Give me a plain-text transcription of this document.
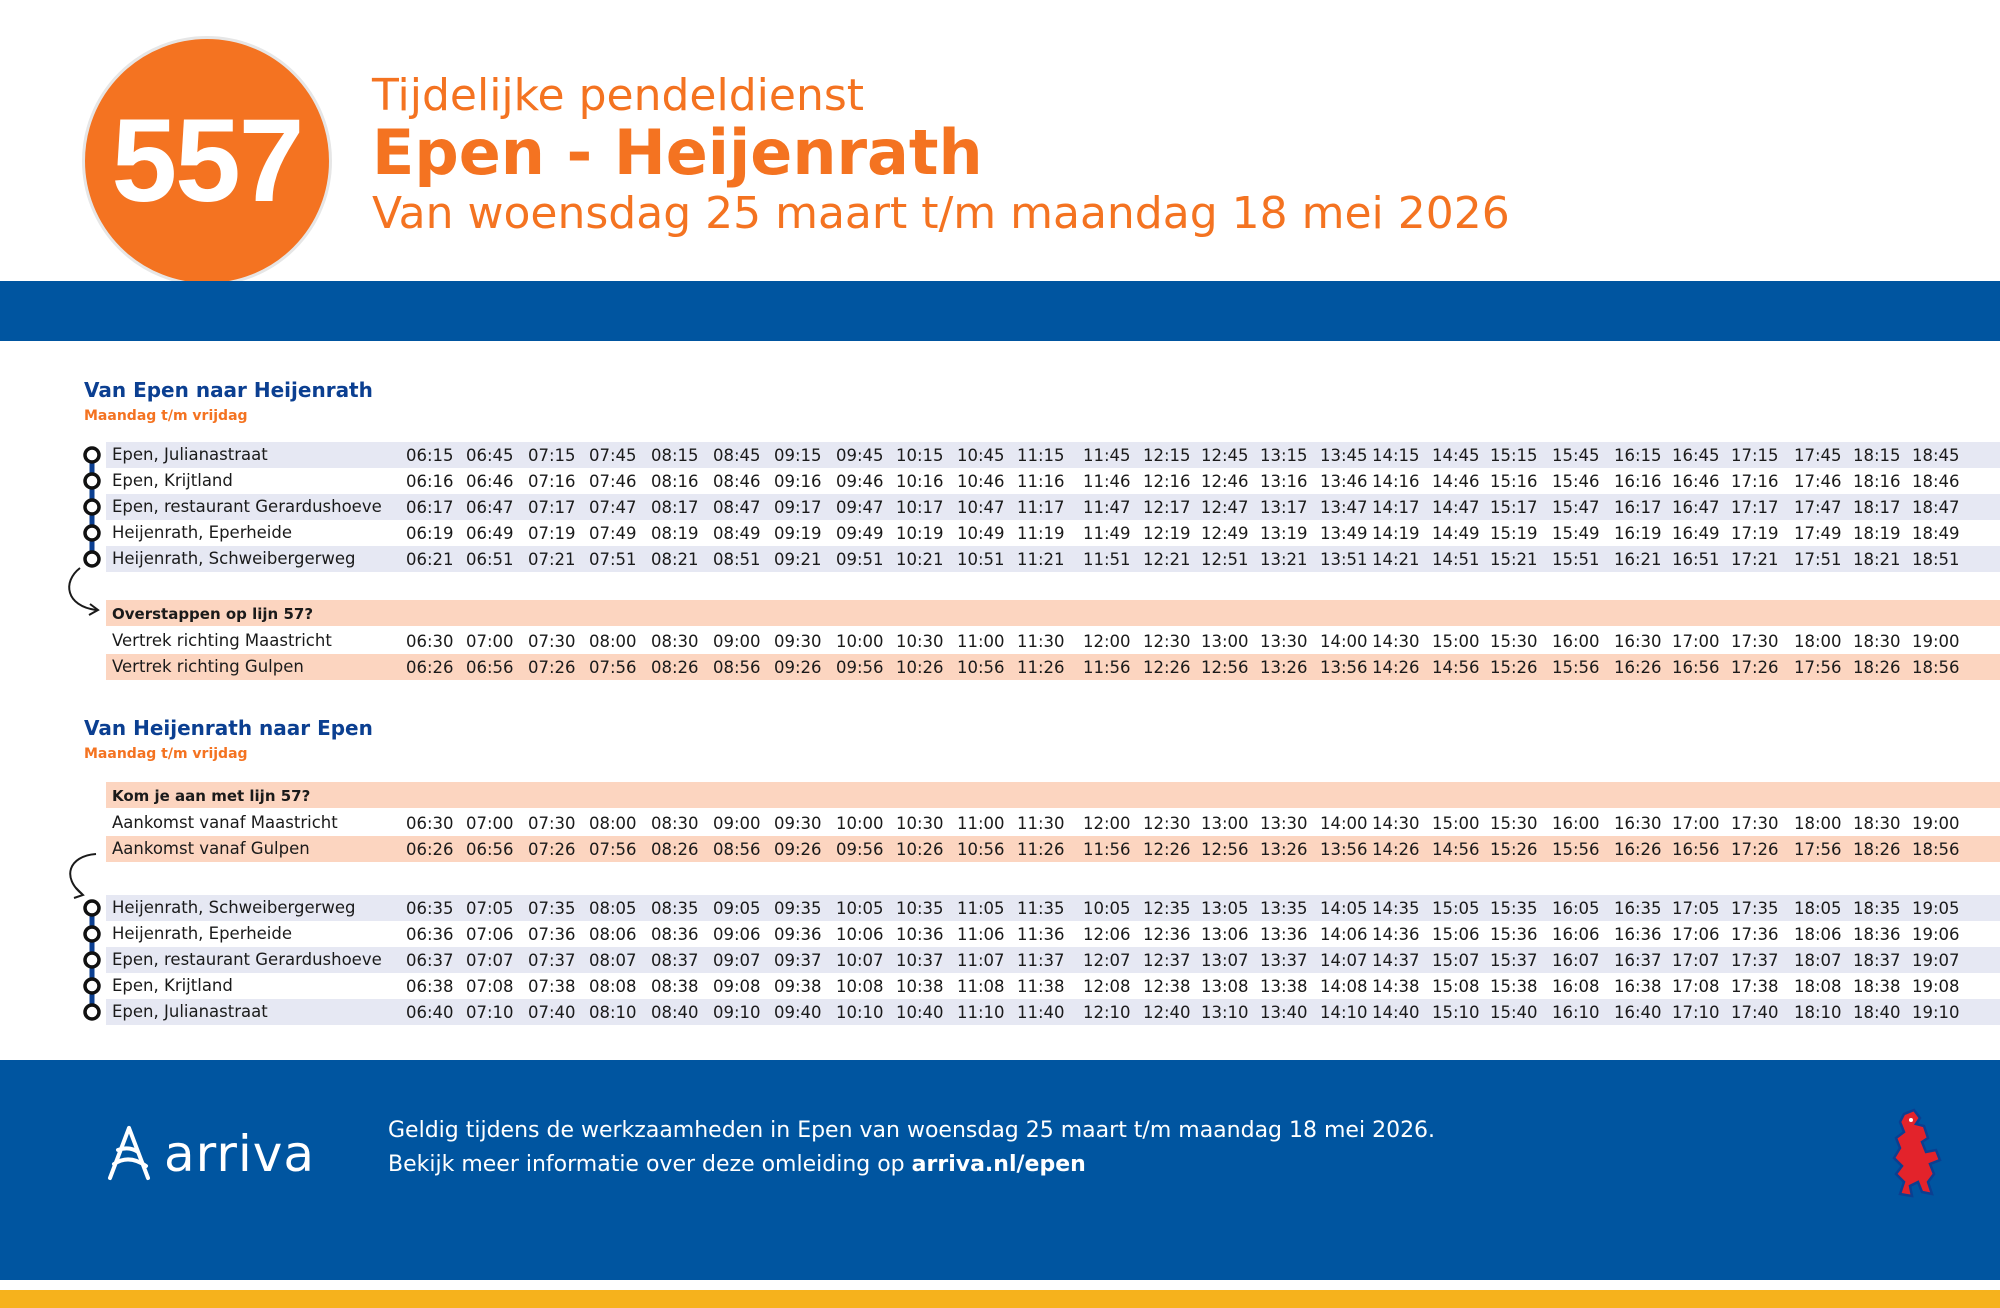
557 Tijdelijke pendeldienst
Epen - Heijenrath
Van woensdag 25 maart t/m maandag 18 mei 2026
Van Epen naar Heijenrath
Maandag t/m vrijdag
Epen, Julianastraat	06:15 06:45 07:15 07:45 08:15 08:45 09:15 09:45 10:15 10:45 11:15 11:45 12:15 12:45 13:15 13:45 14:15 14:45 15:15 15:45 16:15 16:45 17:15 17:45 18:15 18:45
Epen, Krijtland	06:16 06:46 07:16 07:46 08:16 08:46 09:16 09:46 10:16 10:46 11:16 11:46 12:16 12:46 13:16 13:46 14:16 14:46 15:16 15:46 16:16 16:46 17:16 17:46 18:16 18:46
Epen, restaurant Gerardushoeve 06:17 06:47 07:17 07:47 08:17 08:47 09:17 09:47 10:17 10:47 11:17 11:47 12:17 12:47 13:17 13:47 14:17 14:47 15:17 15:47 16:17 16:47 17:17 17:47 18:17 18:47
Heijenrath, Eperheide	06:19 06:49 07:19 07:49 08:19 08:49 09:19 09:49 10:19 10:49 11:19 11:49 12:19 12:49 13:19 13:49 14:19 14:49 15:19 15:49 16:19 16:49 17:19 17:49 18:19 18:49
Heijenrath, Schweibergerweg	06:21 06:51 07:21 07:51 08:21 08:51 09:21 09:51 10:21 10:51 11:21 11:51 12:21 12:51 13:21 13:51 14:21 14:51 15:21 15:51 16:21 16:51 17:21 17:51 18:21 18:51
Overstappen op lijn 57?
Vertrek richting Maastricht	06:30 07:00 07:30 08:00 08:30 09:00 09:30 10:00 10:30 11:00 11:30 12:00 12:30 13:00 13:30 14:00 14:30 15:00 15:30 16:00 16:30 17:00 17:30 18:00 18:30 19:00
Vertrek richting Gulpen	06:26 06:56 07:26 07:56 08:26 08:56 09:26 09:56 10:26 10:56 11:26 11:56 12:26 12:56 13:26 13:56 14:26 14:56 15:26 15:56 16:26 16:56 17:26 17:56 18:26 18:56
Van Heijenrath naar Epen
Maandag t/m vrijdag
Kom je aan met lijn 57?
Aankomst vanaf Maastricht	06:30 07:00 07:30 08:00 08:30 09:00 09:30 10:00 10:30 11:00 11:30 12:00 12:30 13:00 13:30 14:00 14:30 15:00 15:30 16:00 16:30 17:00 17:30 18:00 18:30 19:00
Aankomst vanaf Gulpen	06:26 06:56 07:26 07:56 08:26 08:56 09:26 09:56 10:26 10:56 11:26 11:56 12:26 12:56 13:26 13:56 14:26 14:56 15:26 15:56 16:26 16:56 17:26 17:56 18:26 18:56
Heijenrath, Schweibergerweg	06:35 07:05 07:35 08:05 08:35 09:05 09:35 10:05 10:35 11:05 11:35 10:05 12:35 13:05 13:35 14:05 14:35 15:05 15:35 16:05 16:35 17:05 17:35 18:05 18:35 19:05
Heijenrath, Eperheide	06:36 07:06 07:36 08:06 08:36 09:06 09:36 10:06 10:36 11:06 11:36 12:06 12:36 13:06 13:36 14:06 14:36 15:06 15:36 16:06 16:36 17:06 17:36 18:06 18:36 19:06
Epen, restaurant Gerardushoeve 06:37 07:07 07:37 08:07 08:37 09:07 09:37 10:07 10:37 11:07 11:37 12:07 12:37 13:07 13:37 14:07 14:37 15:07 15:37 16:07 16:37 17:07 17:37 18:07 18:37 19:07
Epen, Krijtland	06:38 07:08 07:38 08:08 08:38 09:08 09:38 10:08 10:38 11:08 11:38 12:08 12:38 13:08 13:38 14:08 14:38 15:08 15:38 16:08 16:38 17:08 17:38 18:08 18:38 19:08
Epen, Julianastraat	06:40 07:10 07:40 08:10 08:40 09:10 09:40 10:10 10:40 11:10 11:40 12:10 12:40 13:10 13:40 14:10 14:40 15:10 15:40 16:10 16:40 17:10 17:40 18:10 18:40 19:10
arriva	Geldig tijdens de werkzaamheden in Epen van woensdag 25 maart t/m maandag 18 mei 2026.
Bekijk meer informatie over deze omleiding op arriva.nl/epen
